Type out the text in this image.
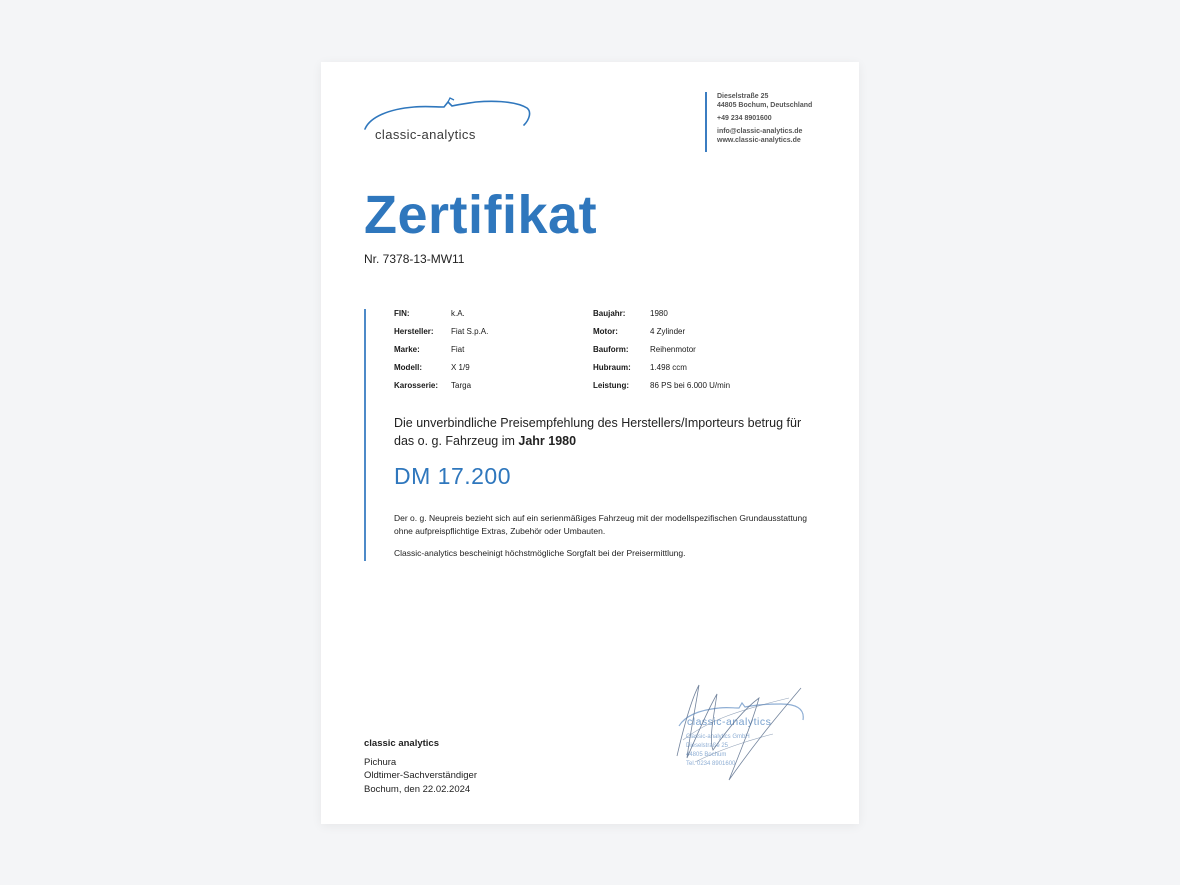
classic-analytics
Dieselstraße 25
44805 Bochum, Deutschland
+49 234 8901600
info@classic-analytics.de
www.classic-analytics.de
Zertifikat
Nr. 7378-13-MW11
FIN:	k.A.
Hersteller: Fiat S.p.A.
Marke:	Fiat
Modell:	X 1/9
Karosserie: Targa
Baujahr:	1980
Motor:	4 Zylinder
Bauform:	Reihenmotor
Hubraum: 1.498 ccm
Leistung:	86 PS bei 6.000 U/min
Die unverbindliche Preisempfehlung des Herstellers/Importeurs betrug für das o. g. Fahrzeug im Jahr 1980
DM 17.200
Der o. g. Neupreis bezieht sich auf ein serienmäßiges Fahrzeug mit der modellspezifischen Grundausstattung ohne aufpreispflichtige Extras, Zubehör oder Umbauten.
Classic-analytics bescheinigt höchstmögliche Sorgfalt bei der Preisermittlung.
classic analytics
Pichura
Oldtimer-Sachverständiger
Bochum, den 22.02.2024
classic-analytics
Classic-analytics GmbH
Dieselstraße 25
44805 Bochum
Tel. 0234 8901600
